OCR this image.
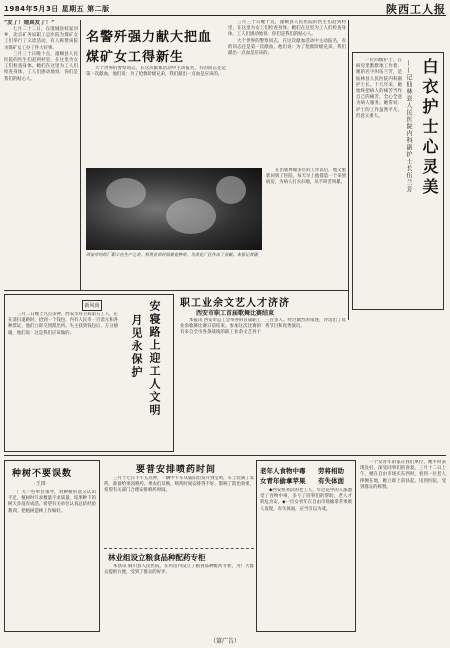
1984年5月3日 星期五 第二版	陕西工人报

“发了！她真发了！”

七月二十二日，在澄城县权家河乡，北京矿务局职工总医院为煤矿女工们举行了义诊活动，有人称赞该院为煤矿女工办了件大好事。

三月三十日晚十点，潼桐县人民医院的医生们赶到村里，在这里为女工们检查身体。她们在这里为工人们检查身体，工人们感动地说：你们是我们的贴心人。

名警歼强力献大把血
煤矿女工得新生

大个世界的警察同志，在这次献血活动中主动报名，有的同志还是第一次献血，他们说：为了抢救阶级兄弟，我们献出一点血是应该的。

三月三十日晚十点，潼桐县人民医院的医生们赶到村里，在这里为女工们检查身体。她们在这里为工人们检查身体，工人们感动地说：你们是我们的贴心人。

大个世界的警察同志，在这次献血活动中主动报名，有的同志还是第一次献血，他们说：为了抢救阶级兄弟，我们献出一点血是应该的。

西安市纺织厂职工在生产之余，利用业余时间栽花种草，为美化厂区作出了贡献。本报记者摄

在出版界做多年的工作以后，他又重新回到了医院，每天早上他都第一个来到病房，为病人打水扫地，从不叫苦叫累。	白衣护士心灵美
——记仙林县人民医院内科副护士长伍兰芳

一位四级护士、在病房里默默地工作着，她的名字叫伍兰芳，是仙林县人民医院内科副护士长。十几年来，她始终把病人的痛苦当作自己的痛苦，全心全意为病人服务。她常说：护士的工作虽然平凡，但意义重大。

新风尚	安寝路上迎工人文明
月见永保护

三月二日晚上九点多钟，西安市环卫局第五工人，正在清扫道路时，拾到一个钱包，内有人民币一百余元和各种票证，他们立即交到派出所。失主找到钱包后，万分感谢，他们说：这是我们应该做的。

职工业余文艺人才济济
西安市职工首届歌舞比赛结束

本报讯 西安市总工会举办的首届职工业余歌舞比赛日前结束。参加这次比赛的有来自全市各条战线的职工业余文艺骨干三百多人。经过激烈的角逐，评选出了优秀节目和优秀演员。

种树不要误数
·王田·

广大一些单位领导，对种树的意义认识不足，植树时只求数量不求质量，结果种下的树大多没有成活。希望有关单位认真总结经验教训，把植树造林工作做好。

要普安排喷药时间

三月十七日下午五点钟，一辆中卡车从咸阳出发开到宝鸡，车上装满了农药，准备给果园喷药。果农们反映，喷药时间安排得不好，影响了防治效果，希望有关部门合理安排喷药时间。

林业组设立粮食品种配药专柜

本县讯 铜川县人民医院，在药房内设立了粮食品种配药专柜，为广大群众提供方便，受到了群众的好评。

老年人食物中毒 劳将相助
女青年偷拿苹果 有失体面

◆西安机务段的老工人，年过花甲的人都遭受了食物中毒，多亏了同事们的帮助，老人才转危为安。◆一位女青年在自由市场偷拿苹果被人发现，有失体面，应当引以为戒。

一个女青年的家在我们单位，她平时表现良好，深受同事们的喜爱。三月十二日上午，她在自由市场买东西时，看到一位老人摔倒在地，她立即上前扶起，送到医院，受到群众的称赞。

（第广告）
